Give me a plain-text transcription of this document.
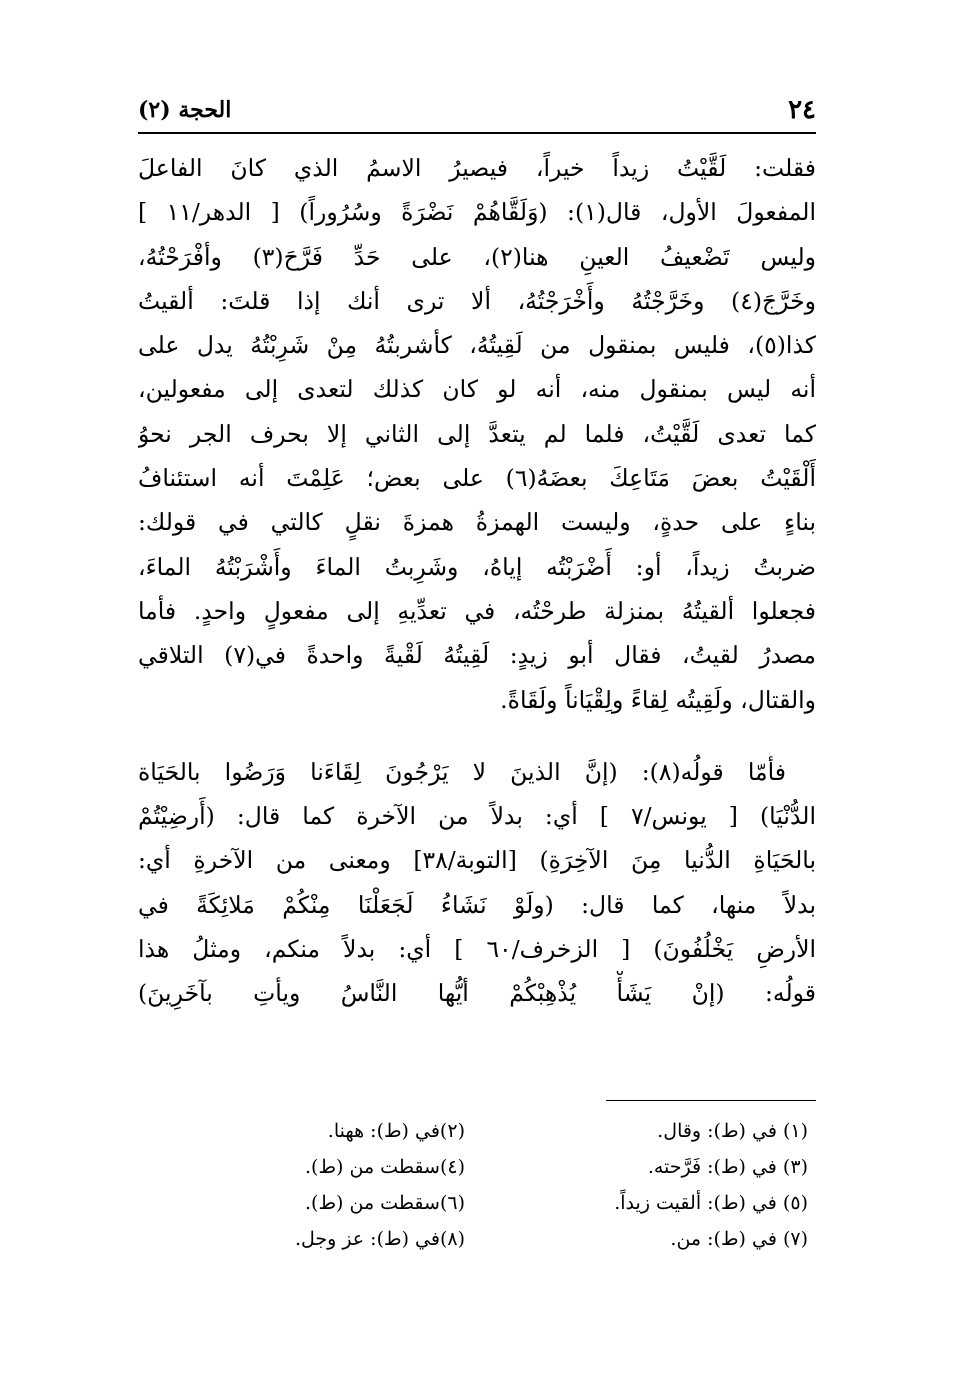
٢٤
الحجة (٢)

فقلت: لَقَّيْتُ زيداً خيراً، فيصيرُ الاسمُ الذي كانَ الفاعلَ

المفعولَ الأول، قال(١): (وَلَقَّاهُمْ نَضْرَةً وسُرُوراً) [ الدهر/١١ ]

وليس تَضْعيفُ العينِ هنا(٢)، على حَدِّ فَرَّحَ(٣) وأفْرَحْتُهُ،

وخَرَّجَ(٤) وخَرَّجْتُهُ وأَخْرَجْتُهُ، ألا ترى أنك إذا قلتَ: ألقيتُ

كذا(٥)، فليس بمنقول من لَقِيتُهُ، كأشربتُهُ مِنْ شَرِبْتُهُ يدل على

أنه ليس بمنقول منه، أنه لو كان كذلك لتعدى إلى مفعولين،

كما تعدى لَقَّيْتُ، فلما لم يتعدَّ إلى الثاني إلا بحرف الجر نحوُ

أَلْقَيْتُ بعضَ مَتَاعِكَ بعضَهُ(٦) على بعض؛ عَلِمْتَ أنه استئنافُ

بناءٍ على حدةٍ، وليست الهمزةُ همزةَ نقلٍ كالتي في قولك:

ضربتُ زيداً، أو: أَضْرَبْتُه إياهُ، وشَرِبتُ الماءَ وأَشْرَبْتُهُ الماءَ،

فجعلوا ألقيتُهُ بمنزلة طرحْتُه، في تعدِّيهِ إلى مفعولٍ واحدٍ. فأما

مصدرُ لقيتُ، فقال أبو زيدٍ: لَقِيتُهُ لَقْيةً واحدةً في(٧) التلاقي

والقتال، ولَقِيتُه لِقاءً ولِقْيَاناً ولَقَاةً.

فأمّا قولُه(٨): (إنَّ الذينَ لا يَرْجُونَ لِقَاءَنا وَرَضُوا بالحَيَاة

الدُّنْيَا) [ يونس/٧ ] أي: بدلاً من الآخرة كما قال: (أَرضِيْتُمْ

بالحَيَاةِ الدُّنيا مِنَ الآخِرَةِ) [التوبة/٣٨] ومعنى من الآخرةِ أي:

بدلاً منها، كما قال: (ولَوْ نَشَاءُ لَجَعَلْنَا مِنْكُمْ مَلائِكَةً في

الأرضِ يَخْلُفُونَ) [ الزخرف/٦٠ ] أي: بدلاً منكم، ومثلُ هذا

قولُه: (إنْ يَشَأْ يُذْهِبْكُمْ أيُّها النَّاسُ ويأتِ بآخَرِينَ)

(١) في (ط): وقال.
(٢)في (ط): ههنا.
(٣) في (ط): فَرَّحته.
(٤)سقطت من (ط).
(٥) في (ط): ألقيت زيداً.
(٦)سقطت من (ط).
(٧) في (ط): من.
(٨)في (ط): عز وجل.
